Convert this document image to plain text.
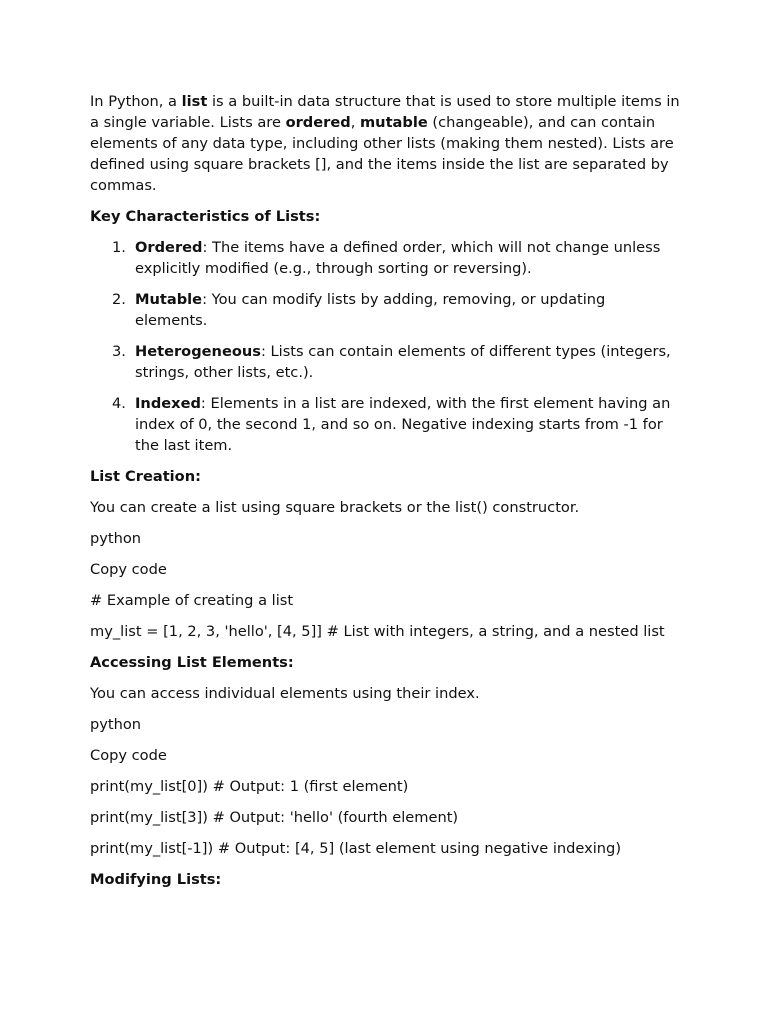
In Python, a list is a built-in data structure that is used to store multiple items in a single variable. Lists are ordered, mutable (changeable), and can contain elements of any data type, including other lists (making them nested). Lists are defined using square brackets [], and the items inside the list are separated by commas.

Key Characteristics of Lists:

1. Ordered: The items have a defined order, which will not change unless explicitly modified (e.g., through sorting or reversing).
2. Mutable: You can modify lists by adding, removing, or updating elements.
3. Heterogeneous: Lists can contain elements of different types (integers, strings, other lists, etc.).
4. Indexed: Elements in a list are indexed, with the first element having an index of 0, the second 1, and so on. Negative indexing starts from -1 for the last item.

List Creation:

You can create a list using square brackets or the list() constructor.

python

Copy code

# Example of creating a list

my_list = [1, 2, 3, 'hello', [4, 5]] # List with integers, a string, and a nested list

Accessing List Elements:

You can access individual elements using their index.

python

Copy code

print(my_list[0]) # Output: 1 (first element)

print(my_list[3]) # Output: 'hello' (fourth element)

print(my_list[-1]) # Output: [4, 5] (last element using negative indexing)

Modifying Lists:
